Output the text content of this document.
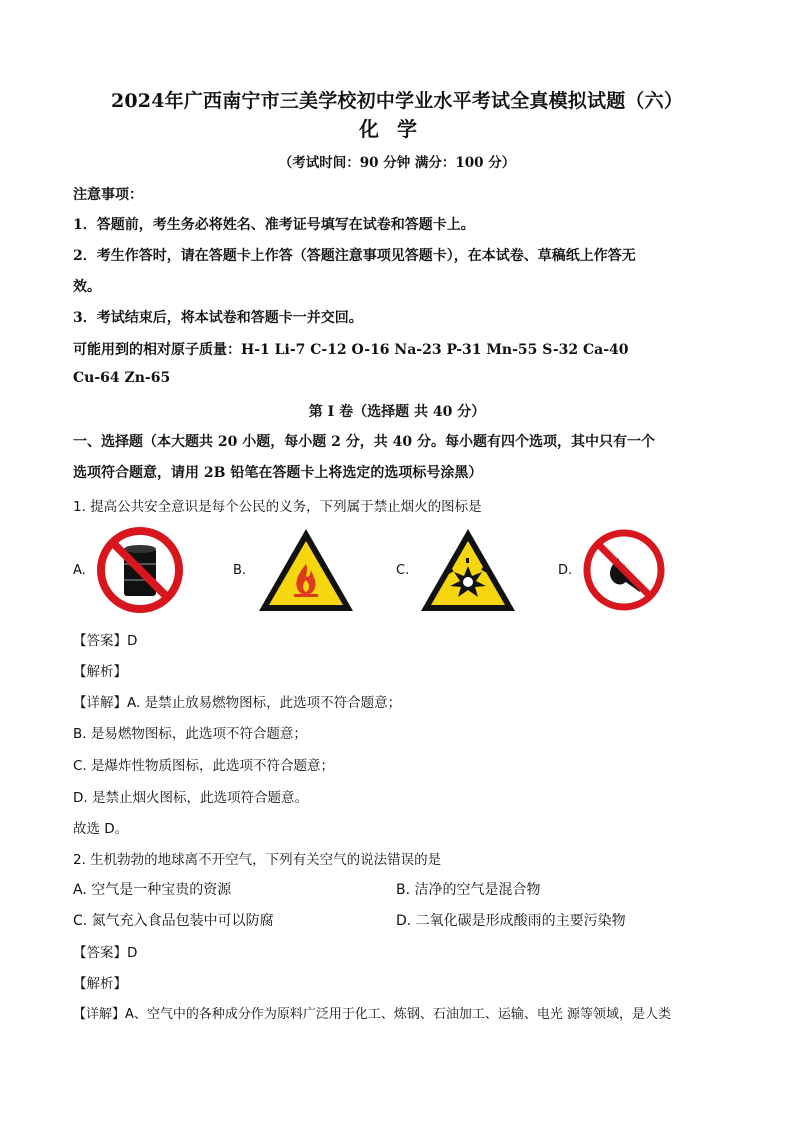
2024年广西南宁市三美学校初中学业水平考试全真模拟试题（六）
化学
（考试时间：90 分钟 满分：100 分）
注意事项：
1．答题前，考生务必将姓名、准考证号填写在试卷和答题卡上。
2．考生作答时，请在答题卡上作答（答题注意事项见答题卡），在本试卷、草稿纸上作答无
效。
3．考试结束后，将本试卷和答题卡一并交回。
可能用到的相对原子质量：H-1 Li-7 C-12 O-16 Na-23 P-31 Mn-55 S-32 Ca-40
Cu-64 Zn-65
第 I 卷（选择题 共 40 分）
一、选择题（本大题共 20 小题，每小题 2 分，共 40 分。每小题有四个选项，其中只有一个
选项符合题意，请用 2B 铅笔在答题卡上将选定的选项标号涂黑）
1. 提高公共安全意识是每个公民的义务，下列属于禁止烟火的图标是
A.	B.	C.	D.
【答案】D
【解析】
【详解】A. 是禁止放易燃物图标，此选项不符合题意；
B. 是易燃物图标，此选项不符合题意；
C. 是爆炸性物质图标，此选项不符合题意；
D. 是禁止烟火图标，此选项符合题意。
故选 D。
2. 生机勃勃的地球离不开空气，下列有关空气的说法错误的是
A. 空气是一种宝贵的资源	B. 洁净的空气是混合物
C. 氮气充入食品包装中可以防腐	D. 二氧化碳是形成酸雨的主要污染物
【答案】D
【解析】
【详解】A、空气中的各种成分作为原料广泛用于化工、炼钢、石油加工、运输、电光 源等领域，是人类
